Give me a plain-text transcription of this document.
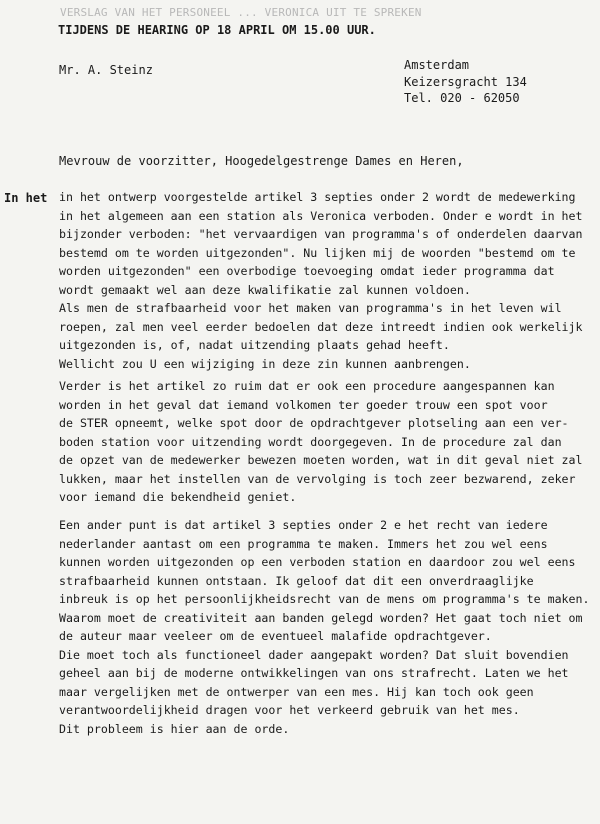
VERSLAG VAN HET PERSONEEL ... VERONICA UIT TE SPREKEN
TIJDENS DE HEARING OP 18 APRIL OM 15.00 UUR.
Mr. A. Steinz	Amsterdam
Keizersgracht 134
Tel. 020 - 62050
Mevrouw de voorzitter, Hoogedelgestrenge Dames en Heren,
In het in het ontwerp voorgestelde artikel 3 septies onder 2 wordt de medewerking
in het algemeen aan een station als Veronica verboden. Onder e wordt in het
bijzonder verboden: "het vervaardigen van programma's of onderdelen daarvan
bestemd om te worden uitgezonden". Nu lijken mij de woorden "bestemd om te
worden uitgezonden" een overbodige toevoeging omdat ieder programma dat
wordt gemaakt wel aan deze kwalifikatie zal kunnen voldoen.
Als men de strafbaarheid voor het maken van programma's in het leven wil
roepen, zal men veel eerder bedoelen dat deze intreedt indien ook werkelijk
uitgezonden is, of, nadat uitzending plaats gehad heeft.
Wellicht zou U een wijziging in deze zin kunnen aanbrengen.
Verder is het artikel zo ruim dat er ook een procedure aangespannen kan
worden in het geval dat iemand volkomen ter goeder trouw een spot voor
de STER opneemt, welke spot door de opdrachtgever plotseling aan een ver-
boden station voor uitzending wordt doorgegeven. In de procedure zal dan
de opzet van de medewerker bewezen moeten worden, wat in dit geval niet zal
lukken, maar het instellen van de vervolging is toch zeer bezwarend, zeker
voor iemand die bekendheid geniet.
Een ander punt is dat artikel 3 septies onder 2 e het recht van iedere
nederlander aantast om een programma te maken. Immers het zou wel eens
kunnen worden uitgezonden op een verboden station en daardoor zou wel eens
strafbaarheid kunnen ontstaan. Ik geloof dat dit een onverdraaglijke
inbreuk is op het persoonlijkheidsrecht van de mens om programma's te maken.
Waarom moet de creativiteit aan banden gelegd worden? Het gaat toch niet om
de auteur maar veeleer om de eventueel malafide opdrachtgever.
Die moet toch als functioneel dader aangepakt worden? Dat sluit bovendien
geheel aan bij de moderne ontwikkelingen van ons strafrecht. Laten we het
maar vergelijken met de ontwerper van een mes. Hij kan toch ook geen
verantwoordelijkheid dragen voor het verkeerd gebruik van het mes.
Dit probleem is hier aan de orde.
